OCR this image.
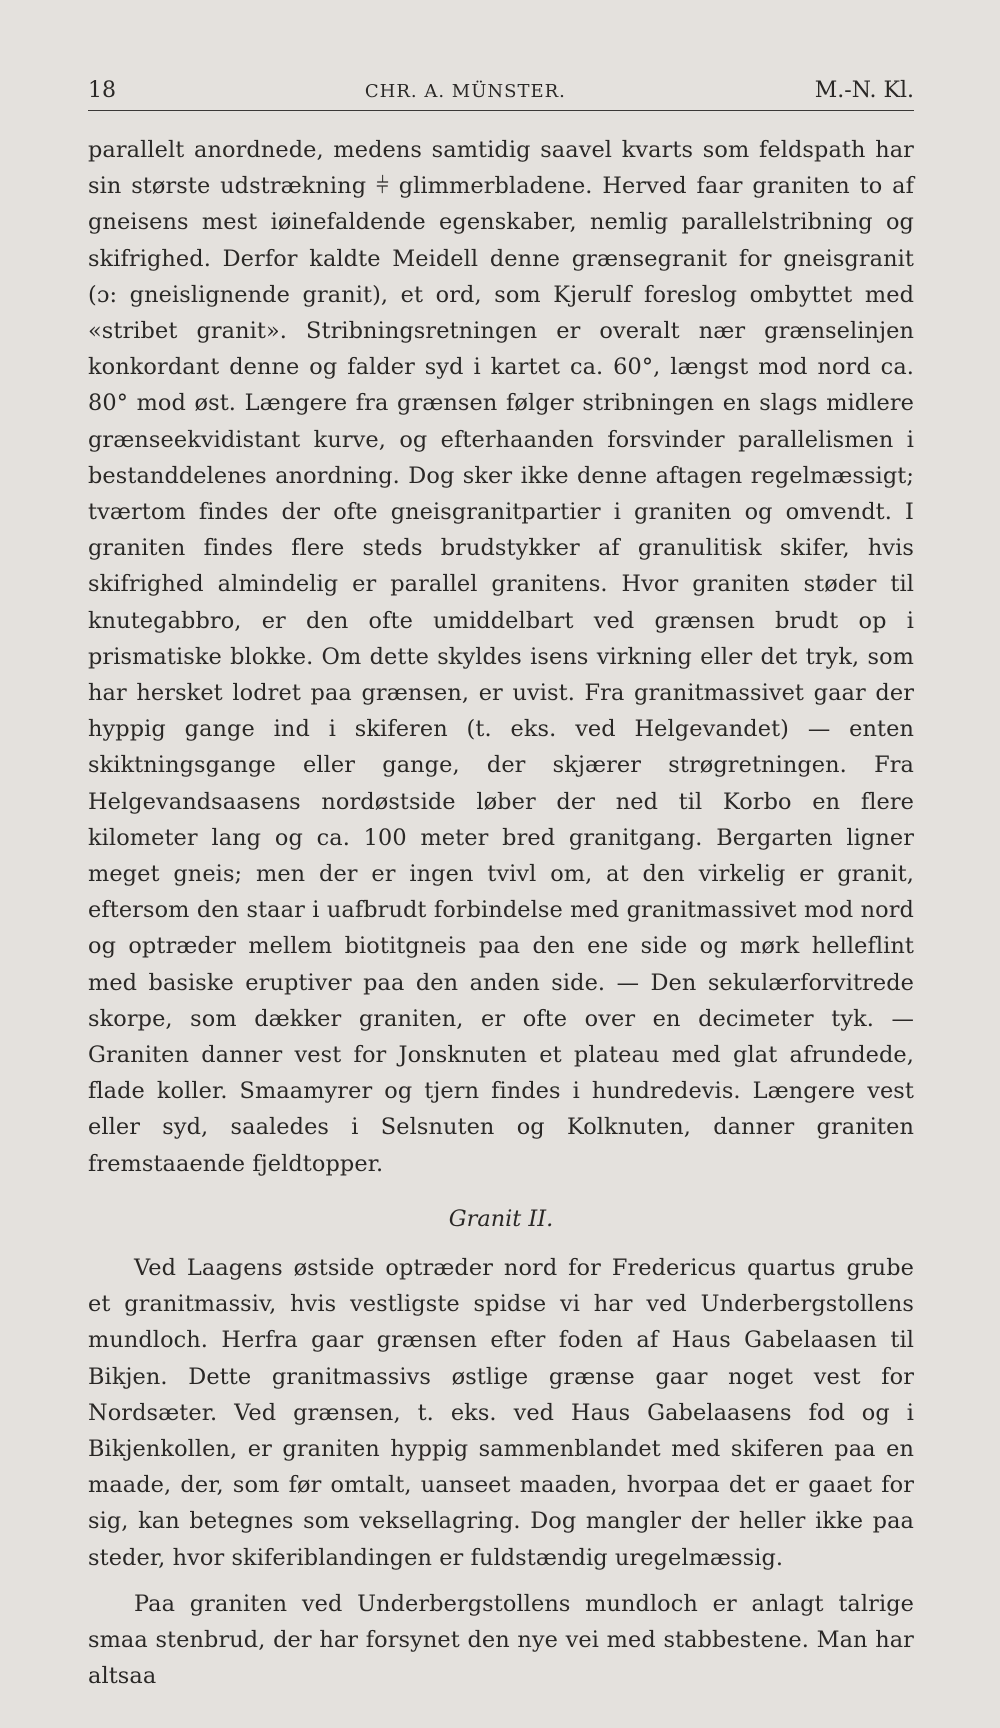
18	CHR. A. MÜNSTER.	M.-N. Kl.

parallelt anordnede, medens samtidig saavel kvarts som feldspath har sin største udstrækning ⫩ glimmerbladene. Herved faar graniten to af gneisens mest iøinefaldende egenskaber, nemlig parallelstribning og skifrighed. Derfor kaldte Meidell denne grænsegranit for gneisgranit (ɔ: gneislignende granit), et ord, som Kjerulf foreslog ombyttet med «stribet granit». Stribningsretningen er overalt nær grænselinjen konkordant denne og falder syd i kartet ca. 60°, længst mod nord ca. 80° mod øst. Længere fra grænsen følger stribningen en slags midlere grænseekvidistant kurve, og efterhaanden forsvinder parallelismen i bestanddelenes anordning. Dog sker ikke denne aftagen regelmæssigt; tværtom findes der ofte gneisgranitpartier i graniten og omvendt. I graniten findes flere steds brudstykker af granulitisk skifer, hvis skifrighed almindelig er parallel granitens. Hvor graniten støder til knutegabbro, er den ofte umiddelbart ved grænsen brudt op i prismatiske blokke. Om dette skyldes isens virkning eller det tryk, som har hersket lodret paa grænsen, er uvist. Fra granitmassivet gaar der hyppig gange ind i skiferen (t. eks. ved Helgevandet) — enten skiktningsgange eller gange, der skjærer strøgretningen. Fra Helgevandsaasens nordøstside løber der ned til Korbo en flere kilometer lang og ca. 100 meter bred granitgang. Bergarten ligner meget gneis; men der er ingen tvivl om, at den virkelig er granit, eftersom den staar i uafbrudt forbindelse med granitmassivet mod nord og optræder mellem biotitgneis paa den ene side og mørk helleflint med basiske eruptiver paa den anden side. — Den sekulærforvitrede skorpe, som dækker graniten, er ofte over en decimeter tyk. — Graniten danner vest for Jonsknuten et plateau med glat afrundede, flade koller. Smaamyrer og tjern findes i hundredevis. Længere vest eller syd, saaledes i Selsnuten og Kolknuten, danner graniten fremstaaende fjeldtopper.

Granit II.

Ved Laagens østside optræder nord for Fredericus quartus grube et granitmassiv, hvis vestligste spidse vi har ved Underbergstollens mundloch. Herfra gaar grænsen efter foden af Haus Gabelaasen til Bikjen. Dette granitmassivs østlige grænse gaar noget vest for Nordsæter. Ved grænsen, t. eks. ved Haus Gabelaasens fod og i Bikjenkollen, er graniten hyppig sammenblandet med skiferen paa en maade, der, som før omtalt, uanseet maaden, hvorpaa det er gaaet for sig, kan betegnes som veksellagring. Dog mangler der heller ikke paa steder, hvor skiferiblandingen er fuldstændig uregelmæssig.

Paa graniten ved Underbergstollens mundloch er anlagt talrige smaa stenbrud, der har forsynet den nye vei med stabbestene. Man har altsaa
